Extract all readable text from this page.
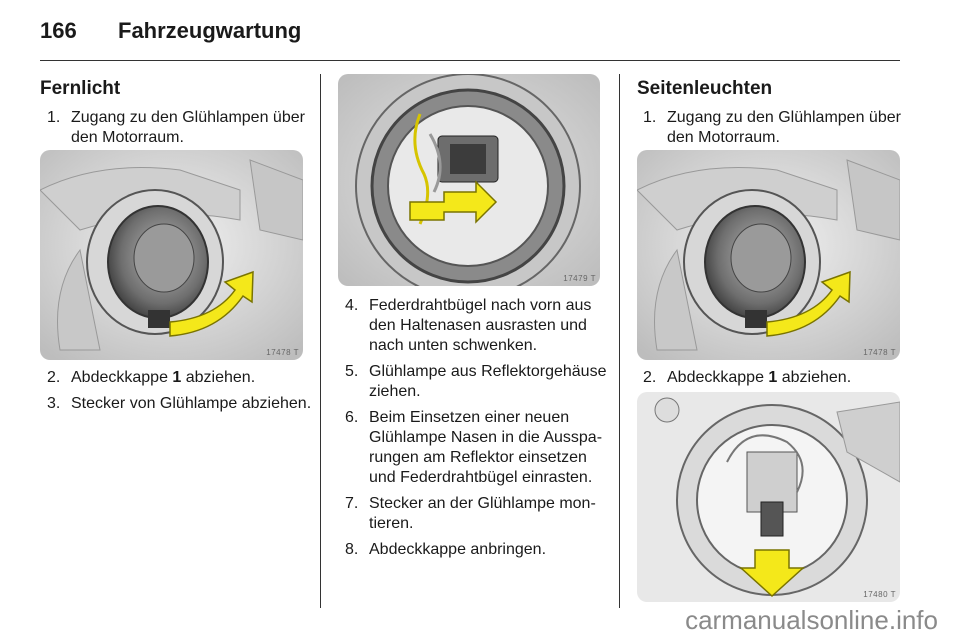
166 Fahrzeugwartung
Fernlicht
1. Zugang zu den Glühlampen über den Motorraum.
17478 T
2. Abdeckkappe 1 abziehen.
3. Stecker von Glühlampe abziehen.
17479 T
4. Federdrahtbügel nach vorn aus den Haltenasen ausrasten und nach unten schwenken.
5. Glühlampe aus Reflektorgehäuse ziehen.
6. Beim Einsetzen einer neuen Glühlampe Nasen in die Ausspa-rungen am Reflektor einsetzen und Federdrahtbügel einrasten.
7. Stecker an der Glühlampe mon-tieren.
8. Abdeckkappe anbringen.
Seitenleuchten
1. Zugang zu den Glühlampen über den Motorraum.
17478 T
2. Abdeckkappe 1 abziehen.
17480 T
carmanualsonline.info
